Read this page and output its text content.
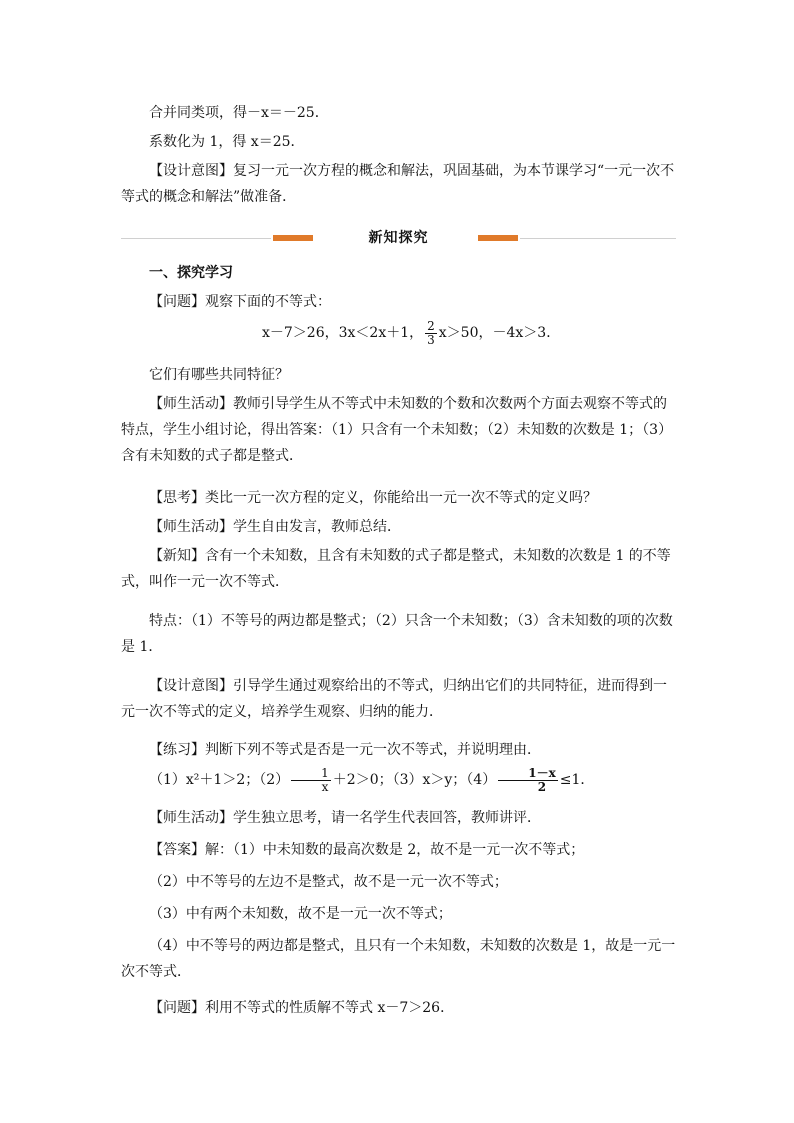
合并同类项，得－x＝－25．

系数化为 1，得 x＝25．

【设计意图】复习一元一次方程的概念和解法，巩固基础，为本节课学习“一元一次不等式的概念和解法”做准备．

新知探究

一、探究学习

【问题】观察下面的不等式：

x－7＞26，3x＜2x＋1， $\frac{2}{3} x>50$，－4x＞3．

它们有哪些共同特征？

【师生活动】教师引导学生从不等式中未知数的个数和次数两个方面去观察不等式的特点，学生小组讨论，得出答案：（1）只含有一个未知数；（2）未知数的次数是 1；（3）含有未知数的式子都是整式．

【思考】类比一元一次方程的定义，你能给出一元一次不等式的定义吗？

【师生活动】学生自由发言，教师总结．

【新知】含有一个未知数，且含有未知数的式子都是整式，未知数的次数是 1 的不等式，叫作一元一次不等式．

特点：（1）不等号的两边都是整式；（2）只含一个未知数；（3）含未知数的项的次数是 1．

【设计意图】引导学生通过观察给出的不等式，归纳出它们的共同特征，进而得到一元一次不等式的定义，培养学生观察、归纳的能力．

【练习】判断下列不等式是否是一元一次不等式，并说明理由．

（1）x²＋1＞2；$(2) \frac{1}{x} +2>0$；（3）x＞y；$(4) \frac{1-x}{2} \le 1$．

【师生活动】学生独立思考，请一名学生代表回答，教师讲评．

【答案】解：（1）中未知数的最高次数是 2，故不是一元一次不等式；

（2）中不等号的左边不是整式，故不是一元一次不等式；

（3）中有两个未知数，故不是一元一次不等式；

（4）中不等号的两边都是整式，且只有一个未知数，未知数的次数是 1，故是一元一次不等式．

【问题】利用不等式的性质解不等式 x－7＞26．
